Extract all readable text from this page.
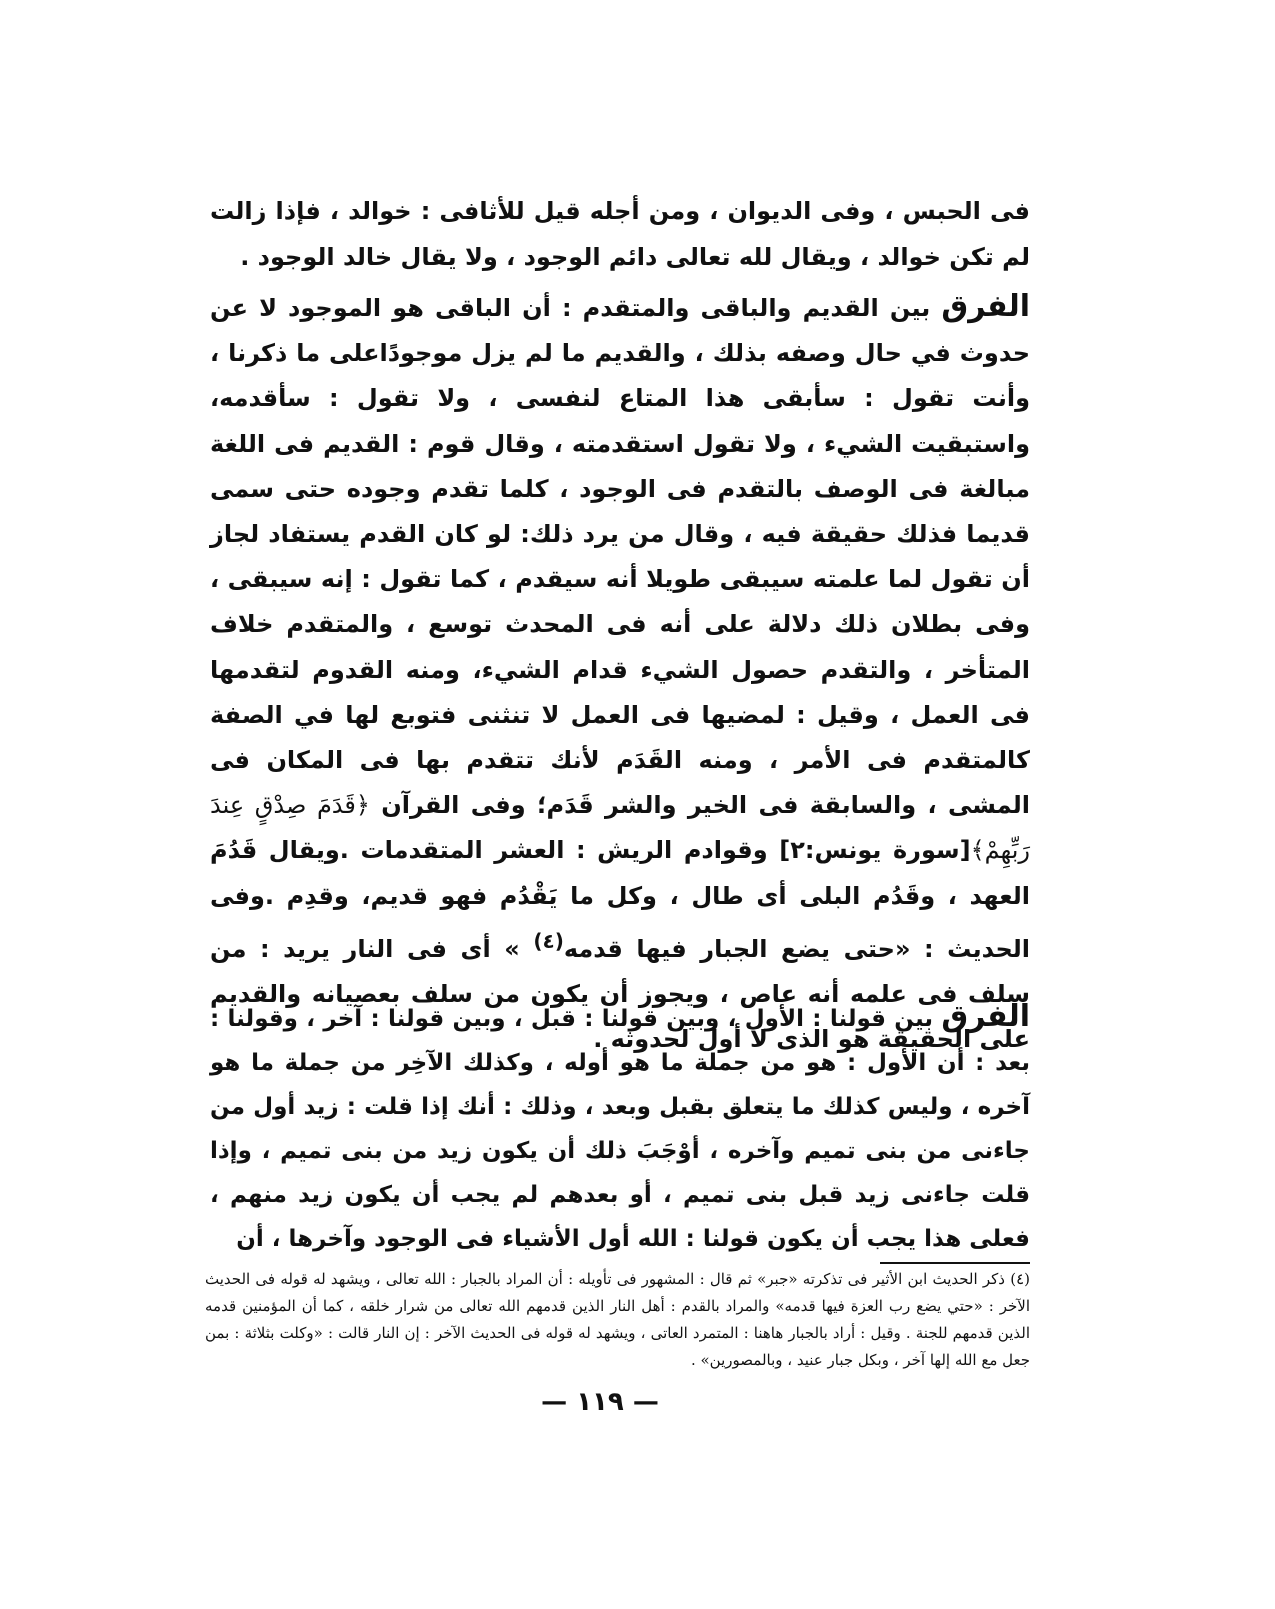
فى الحبس ، وفى الديوان ، ومن أجله قيل للأثافى : خوالد ، فإذا زالت لم تكن خوالد ، ويقال لله تعالى دائم الوجود ، ولا يقال خالد الوجود .
الفرق بين القديم والباقى والمتقدم : أن الباقى هو الموجود لا عن حدوث في حال وصفه بذلك ، والقديم ما لم يزل موجودًاعلى ما ذكرنا ، وأنت تقول : سأبقى هذا المتاع لنفسى ، ولا تقول : سأقدمه، واستبقيت الشيء ، ولا تقول استقدمته ، وقال قوم : القديم فى اللغة مبالغة فى الوصف بالتقدم فى الوجود ، كلما تقدم وجوده حتى سمى قديما فذلك حقيقة فيه ، وقال من يرد ذلك: لو كان القدم يستفاد لجاز أن تقول لما علمته سيبقى طويلا أنه سيقدم ، كما تقول : إنه سيبقى ، وفى بطلان ذلك دلالة على أنه فى المحدث توسع ، والمتقدم خلاف المتأخر ، والتقدم حصول الشيء قدام الشيء، ومنه القدوم لتقدمها فى العمل ، وقيل : لمضيها فى العمل لا تنثنى فتوبع لها في الصفة كالمتقدم فى الأمر ، ومنه القَدَم لأنك تتقدم بها فى المكان فى المشى ، والسابقة فى الخير والشر قَدَم؛ وفى القرآن ﴿قَدَمَ صِدْقٍ عِندَ رَبِّهِمْ﴾[سورة يونس:٢] وقوادم الريش : العشر المتقدمات .ويقال قَدُمَ العهد ، وقَدُم البلى أى طال ، وكل ما يَقْدُم فهو قديم، وقدِم .وفى الحديث : «حتى يضع الجبار فيها قدمه$^{(٤)}$ » أى فى النار يريد : من سلف فى علمه أنه عاص ، ويجوز أن يكون من سلف بعصيانه والقديم على الحقيقة هو الذى لا أول لحدوثه .
الفرق بين قولنا : الأول ، وبين قولنا : قبل ، وبين قولنا : آخر ، وقولنا : بعد : أن الأول : هو من جملة ما هو أوله ، وكذلك الآخِر من جملة ما هو آخره ، وليس كذلك ما يتعلق بقبل وبعد ، وذلك : أنك إذا قلت : زيد أول من جاءنى من بنى تميم وآخره ، أوْجَبَ ذلك أن يكون زيد من بنى تميم ، وإذا قلت جاءنى زيد قبل بنى تميم ، أو بعدهم لم يجب أن يكون زيد منهم ، فعلى هذا يجب أن يكون قولنا : الله أول الأشياء فى الوجود وآخرها ، أن
(٤) ذكر الحديث ابن الأثير فى تذكرته «جبر» ثم قال : المشهور فى تأويله : أن المراد بالجبار : الله تعالى ، ويشهد له قوله فى الحديث الآخر : «حتي يضع رب العزة فيها قدمه» والمراد بالقدم : أهل النار الذين قدمهم الله تعالى من شرار خلقه ، كما أن المؤمنين قدمه الذين قدمهم للجنة . وقيل : أراد بالجبار هاهنا : المتمرد العاتى ، ويشهد له قوله فى الحديث الآخر : إن النار قالت : «وكلت بثلاثة : بمن جعل مع الله إلها آخر ، وبكل جبار عنيد ، وبالمصورين» .
— ١١٩ —
